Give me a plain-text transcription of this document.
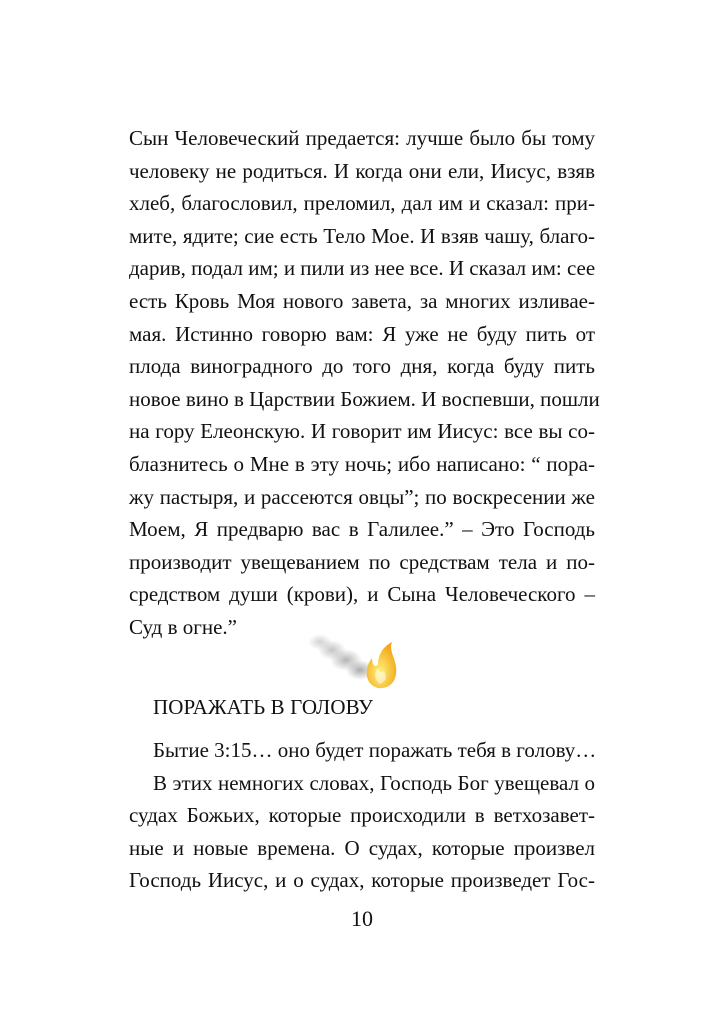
Сын Человеческий предается: лучше было бы тому
человеку не родиться. И когда они ели, Иисус, взяв
хлеб, благословил, преломил, дал им и сказал: при-
мите, ядите; сие есть Тело Мое. И взяв чашу, благо-
дарив, подал им; и пили из нее все. И сказал им: сее
есть Кровь Моя нового завета, за многих изливае-
мая. Истинно говорю вам: Я уже не буду пить от
плода виноградного до того дня, когда буду пить
новое вино в Царствии Божием. И воспевши, пошли
на гору Елеонскую. И говорит им Иисус: все вы со-
блазнитесь о Мне в эту ночь; ибо написано: “ пора-
жу пастыря, и рассеются овцы”; по воскресении же
Моем, Я предварю вас в Галилее.” – Это Господь
производит увещеванием по средствам тела и по-
средством души (крови), и Сына Человеческого –
Суд в огне.”
ПОРАЖАТЬ В ГОЛОВУ
Бытие 3:15… оно будет поражать тебя в голову…
В этих немногих словах, Господь Бог увещевал о
судах Божьих, которые происходили в ветхозавет-
ные и новые времена. О судах, которые произвел
Господь Иисус, и о судах, которые произведет Гос-
10
